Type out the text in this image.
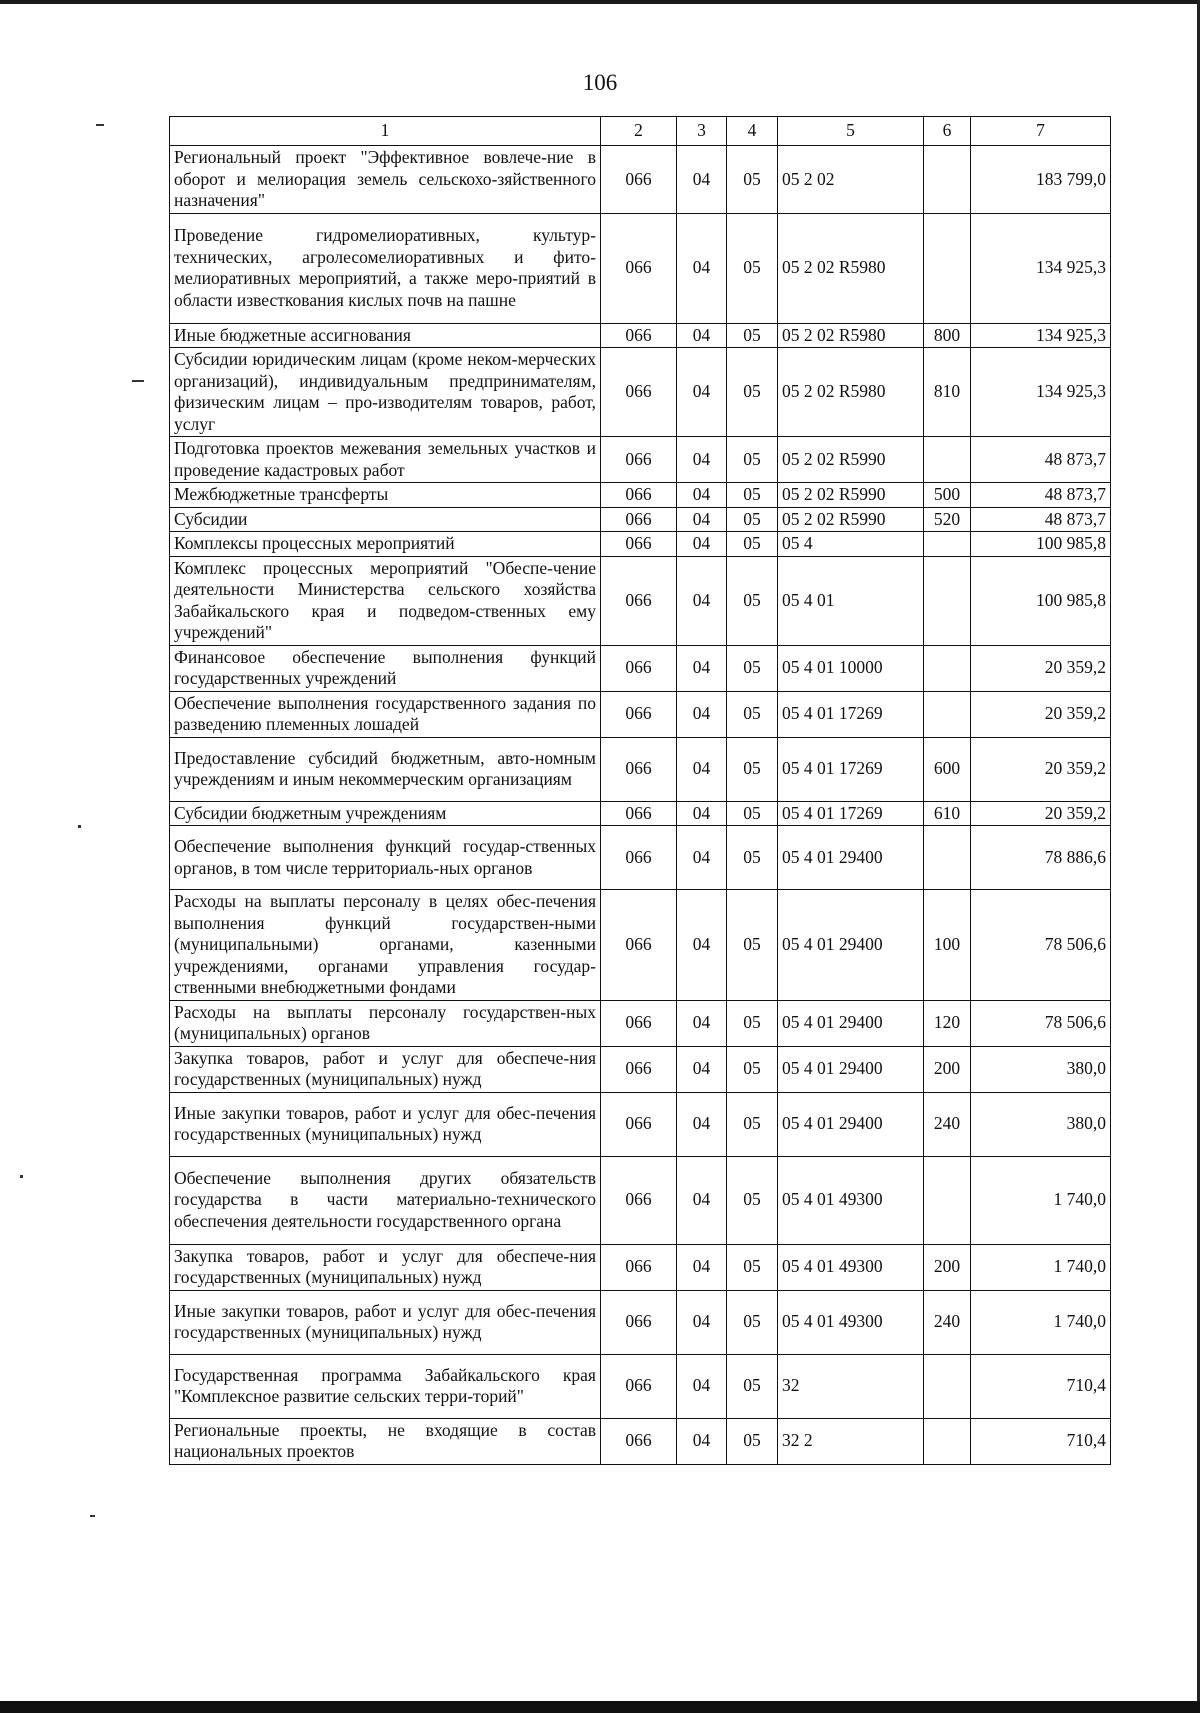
106
1	2	3	4	5	6	7
Региональный проект "Эффективное вовлече-ние в оборот и мелиорация земель сельскохо-зяйственного назначения"	066	04	05	05 2 02		183 799,0
Проведение гидромелиоративных, культур-технических, агролесомелиоративных и фито-мелиоративных мероприятий, а также меро-приятий в области известкования кислых почв на пашне	066	04	05	05 2 02 R5980		134 925,3
Иные бюджетные ассигнования	066	04	05	05 2 02 R5980	800	134 925,3
Субсидии юридическим лицам (кроме неком-мерческих организаций), индивидуальным предпринимателям, физическим лицам – про-изводителям товаров, работ, услуг	066	04	05	05 2 02 R5980	810	134 925,3
Подготовка проектов межевания земельных участков и проведение кадастровых работ	066	04	05	05 2 02 R5990		48 873,7
Межбюджетные трансферты	066	04	05	05 2 02 R5990	500	48 873,7
Субсидии	066	04	05	05 2 02 R5990	520	48 873,7
Комплексы процессных мероприятий	066	04	05	05 4		100 985,8
Комплекс процессных мероприятий "Обеспе-чение деятельности Министерства сельского хозяйства Забайкальского края и подведом-ственных ему учреждений"	066	04	05	05 4 01		100 985,8
Финансовое обеспечение выполнения функций государственных учреждений	066	04	05	05 4 01 10000		20 359,2
Обеспечение выполнения государственного задания по разведению племенных лошадей	066	04	05	05 4 01 17269		20 359,2
Предоставление субсидий бюджетным, авто-номным учреждениям и иным некоммерческим организациям	066	04	05	05 4 01 17269	600	20 359,2
Субсидии бюджетным учреждениям	066	04	05	05 4 01 17269	610	20 359,2
Обеспечение выполнения функций государ-ственных органов, в том числе территориаль-ных органов	066	04	05	05 4 01 29400		78 886,6
Расходы на выплаты персоналу в целях обес-печения выполнения функций государствен-ными (муниципальными) органами, казенными учреждениями, органами управления государ-ственными внебюджетными фондами	066	04	05	05 4 01 29400	100	78 506,6
Расходы на выплаты персоналу государствен-ных (муниципальных) органов	066	04	05	05 4 01 29400	120	78 506,6
Закупка товаров, работ и услуг для обеспече-ния государственных (муниципальных) нужд	066	04	05	05 4 01 29400	200	380,0
Иные закупки товаров, работ и услуг для обес-печения государственных (муниципальных) нужд	066	04	05	05 4 01 29400	240	380,0
Обеспечение выполнения других обязательств государства в части материально-технического обеспечения деятельности государственного органа	066	04	05	05 4 01 49300		1 740,0
Закупка товаров, работ и услуг для обеспече-ния государственных (муниципальных) нужд	066	04	05	05 4 01 49300	200	1 740,0
Иные закупки товаров, работ и услуг для обес-печения государственных (муниципальных) нужд	066	04	05	05 4 01 49300	240	1 740,0
Государственная программа Забайкальского края "Комплексное развитие сельских терри-торий"	066	04	05	32		710,4
Региональные проекты, не входящие в состав национальных проектов	066	04	05	32 2		710,4
